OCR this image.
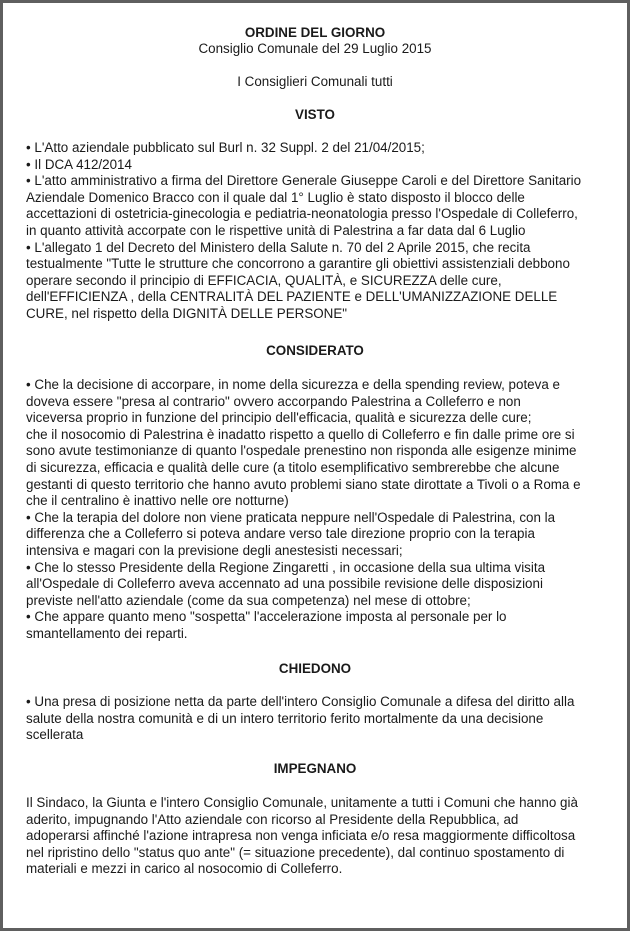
ORDINE DEL GIORNO
Consiglio Comunale del 29 Luglio 2015
I Consiglieri Comunali tutti
VISTO
• L'Atto aziendale pubblicato sul Burl n. 32 Suppl. 2 del 21/04/2015;
• Il DCA 412/2014
• L'atto amministrativo a firma del Direttore Generale Giuseppe Caroli e del Direttore Sanitario
Aziendale Domenico Bracco con il quale dal 1° Luglio è stato disposto il blocco delle
accettazioni di ostetricia-ginecologia e pediatria-neonatologia presso l'Ospedale di Colleferro,
in quanto attività accorpate con le rispettive unità di Palestrina a far data dal 6 Luglio
• L'allegato 1 del Decreto del Ministero della Salute n. 70 del 2 Aprile 2015, che recita
testualmente "Tutte le strutture che concorrono a garantire gli obiettivi assistenziali debbono
operare secondo il principio di EFFICACIA, QUALITÀ, e SICUREZZA delle cure,
dell'EFFICIENZA , della CENTRALITÀ DEL PAZIENTE e DELL'UMANIZZAZIONE DELLE
CURE, nel rispetto della DIGNITÀ DELLE PERSONE"
CONSIDERATO
• Che la decisione di accorpare, in nome della sicurezza e della spending review, poteva e
doveva essere "presa al contrario" ovvero accorpando Palestrina a Colleferro e non
viceversa proprio in funzione del principio dell'efficacia, qualità e sicurezza delle cure;
che il nosocomio di Palestrina è inadatto rispetto a quello di Colleferro e fin dalle prime ore si
sono avute testimonianze di quanto l'ospedale prenestino non risponda alle esigenze minime
di sicurezza, efficacia e qualità delle cure (a titolo esemplificativo sembrerebbe che alcune
gestanti di questo territorio che hanno avuto problemi siano state dirottate a Tivoli o a Roma e
che il centralino è inattivo nelle ore notturne)
• Che la terapia del dolore non viene praticata neppure nell'Ospedale di Palestrina, con la
differenza che a Colleferro si poteva andare verso tale direzione proprio con la terapia
intensiva e magari con la previsione degli anestesisti necessari;
• Che lo stesso Presidente della Regione Zingaretti , in occasione della sua ultima visita
all'Ospedale di Colleferro aveva accennato ad una possibile revisione delle disposizioni
previste nell'atto aziendale (come da sua competenza) nel mese di ottobre;
• Che appare quanto meno "sospetta" l'accelerazione imposta al personale per lo
smantellamento dei reparti.
CHIEDONO
• Una presa di posizione netta da parte dell'intero Consiglio Comunale a difesa del diritto alla
salute della nostra comunità e di un intero territorio ferito mortalmente da una decisione
scellerata
IMPEGNANO
Il Sindaco, la Giunta e l'intero Consiglio Comunale, unitamente a tutti i Comuni che hanno già
aderito, impugnando l'Atto aziendale con ricorso al Presidente della Repubblica, ad
adoperarsi affinché l'azione intrapresa non venga inficiata e/o resa maggiormente difficoltosa
nel ripristino dello "status quo ante" (= situazione precedente), dal continuo spostamento di
materiali e mezzi in carico al nosocomio di Colleferro.
